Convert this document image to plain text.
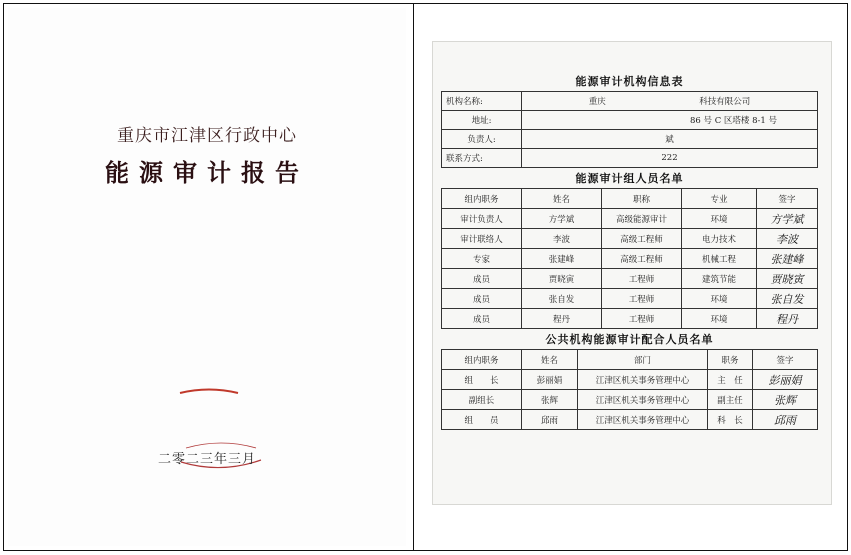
重庆市江津区行政中心
能源审计报告
二零二三年三月
能源审计机构信息表
机构名称:	重庆　　　　　　　　　　　科技有限公司
地址:	86 号 C 区塔楼 8-1 号
负责人:	斌
联系方式:	222
能源审计组人员名单
组内职务	姓名	职称	专业	签字
审计负责人	方学斌	高级能源审计	环境	方学斌
审计联络人	李波	高级工程师	电力技术	李波
专家	张建峰	高级工程师	机械工程	张建峰
成员	贾晓寅	工程师	建筑节能	贾晓寅
成员	张自发	工程师	环境	张自发
成员	程丹	工程师	环境	程丹
公共机构能源审计配合人员名单
组内职务	姓名	部门	职务	签字
组　　长	彭丽娟	江津区机关事务管理中心	主　任	彭丽娟
副组长	张辉	江津区机关事务管理中心	副主任	张辉
组　　员	邱雨	江津区机关事务管理中心	科　长	邱雨
